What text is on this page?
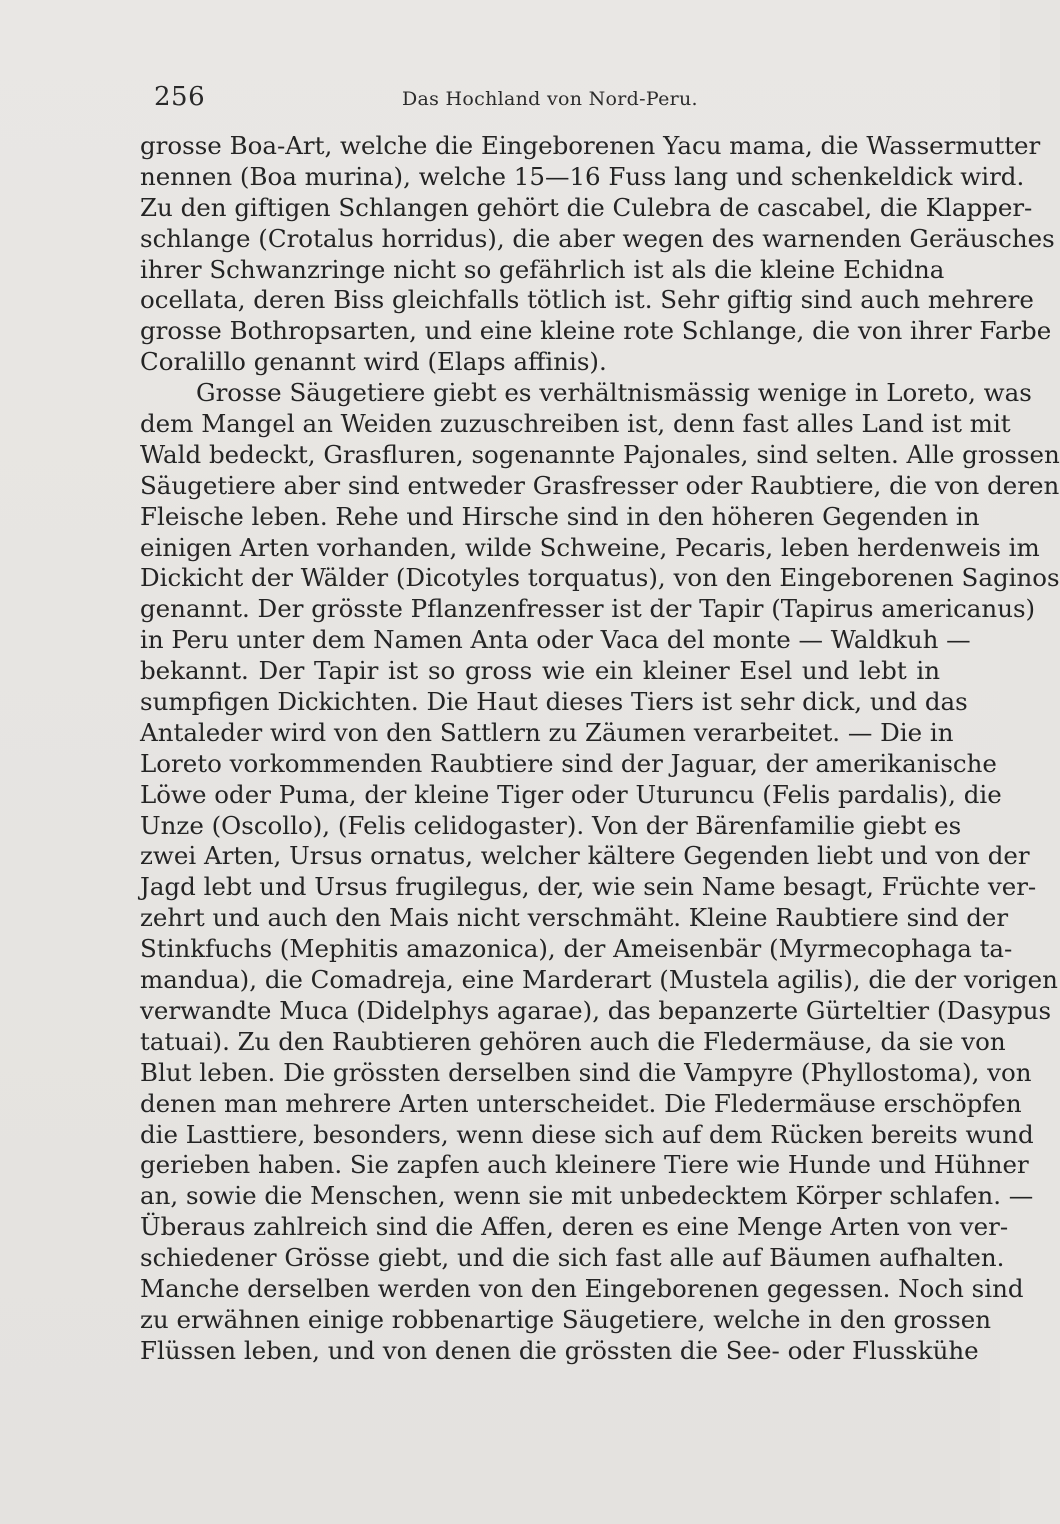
256	Das Hochland von Nord-Peru.
grosse Boa-Art, welche die Eingeborenen Yacu mama, die Wassermutter
nennen (Boa murina), welche 15—16 Fuss lang und schenkeldick wird.
Zu den giftigen Schlangen gehört die Culebra de cascabel, die Klapper-
schlange (Crotalus horridus), die aber wegen des warnenden Geräusches
ihrer Schwanzringe nicht so gefährlich ist als die kleine Echidna
ocellata, deren Biss gleichfalls tötlich ist. Sehr giftig sind auch mehrere
grosse Bothropsarten, und eine kleine rote Schlange, die von ihrer Farbe
Coralillo genannt wird (Elaps affinis).
Grosse Säugetiere giebt es verhältnismässig wenige in Loreto, was
dem Mangel an Weiden zuzuschreiben ist, denn fast alles Land ist mit
Wald bedeckt, Grasfluren, sogenannte Pajonales, sind selten. Alle grossen
Säugetiere aber sind entweder Grasfresser oder Raubtiere, die von deren
Fleische leben. Rehe und Hirsche sind in den höheren Gegenden in
einigen Arten vorhanden, wilde Schweine, Pecaris, leben herdenweis im
Dickicht der Wälder (Dicotyles torquatus), von den Eingeborenen Saginos
genannt. Der grösste Pflanzenfresser ist der Tapir (Tapirus americanus)
in Peru unter dem Namen Anta oder Vaca del monte — Waldkuh —
bekannt. Der Tapir ist so gross wie ein kleiner Esel und lebt in
sumpfigen Dickichten. Die Haut dieses Tiers ist sehr dick, und das
Antaleder wird von den Sattlern zu Zäumen verarbeitet. — Die in
Loreto vorkommenden Raubtiere sind der Jaguar, der amerikanische
Löwe oder Puma, der kleine Tiger oder Uturuncu (Felis pardalis), die
Unze (Oscollo), (Felis celidogaster). Von der Bärenfamilie giebt es
zwei Arten, Ursus ornatus, welcher kältere Gegenden liebt und von der
Jagd lebt und Ursus frugilegus, der, wie sein Name besagt, Früchte ver-
zehrt und auch den Mais nicht verschmäht. Kleine Raubtiere sind der
Stinkfuchs (Mephitis amazonica), der Ameisenbär (Myrmecophaga ta-
mandua), die Comadreja, eine Marderart (Mustela agilis), die der vorigen
verwandte Muca (Didelphys agarae), das bepanzerte Gürteltier (Dasypus
tatuai). Zu den Raubtieren gehören auch die Fledermäuse, da sie von
Blut leben. Die grössten derselben sind die Vampyre (Phyllostoma), von
denen man mehrere Arten unterscheidet. Die Fledermäuse erschöpfen
die Lasttiere, besonders, wenn diese sich auf dem Rücken bereits wund
gerieben haben. Sie zapfen auch kleinere Tiere wie Hunde und Hühner
an, sowie die Menschen, wenn sie mit unbedecktem Körper schlafen. —
Überaus zahlreich sind die Affen, deren es eine Menge Arten von ver-
schiedener Grösse giebt, und die sich fast alle auf Bäumen aufhalten.
Manche derselben werden von den Eingeborenen gegessen. Noch sind
zu erwähnen einige robbenartige Säugetiere, welche in den grossen
Flüssen leben, und von denen die grössten die See- oder Flusskühe
